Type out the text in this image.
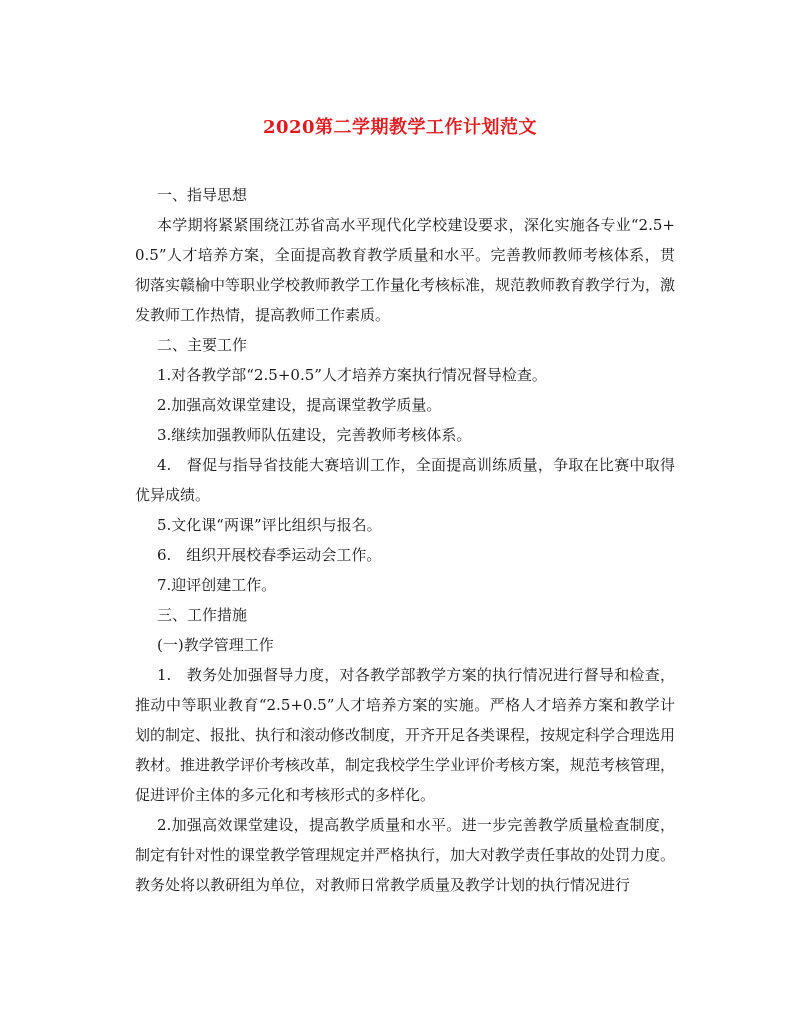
2020第二学期教学工作计划范文

一、指导思想

本学期将紧紧围绕江苏省高水平现代化学校建设要求，深化实施各专业“2.5+0.5”人才培养方案，全面提高教育教学质量和水平。完善教师教师考核体系，贯彻落实赣榆中等职业学校教师教学工作量化考核标准，规范教师教育教学行为，激发教师工作热情，提高教师工作素质。

二、主要工作

1.对各教学部“2.5+0.5”人才培养方案执行情况督导检查。

2.加强高效课堂建设，提高课堂教学质量。

3.继续加强教师队伍建设，完善教师考核体系。

4.　督促与指导省技能大赛培训工作，全面提高训练质量，争取在比赛中取得优异成绩。

5.文化课“两课”评比组织与报名。

6.　组织开展校春季运动会工作。

7.迎评创建工作。

三、工作措施

(一)教学管理工作

1.　教务处加强督导力度，对各教学部教学方案的执行情况进行督导和检查，推动中等职业教育“2.5+0.5”人才培养方案的实施。严格人才培养方案和教学计划的制定、报批、执行和滚动修改制度，开齐开足各类课程，按规定科学合理选用教材。推进教学评价考核改革，制定我校学生学业评价考核方案，规范考核管理，促进评价主体的多元化和考核形式的多样化。

2.加强高效课堂建设，提高教学质量和水平。进一步完善教学质量检查制度，制定有针对性的课堂教学管理规定并严格执行，加大对教学责任事故的处罚力度。教务处将以教研组为单位，对教师日常教学质量及教学计划的执行情况进行
